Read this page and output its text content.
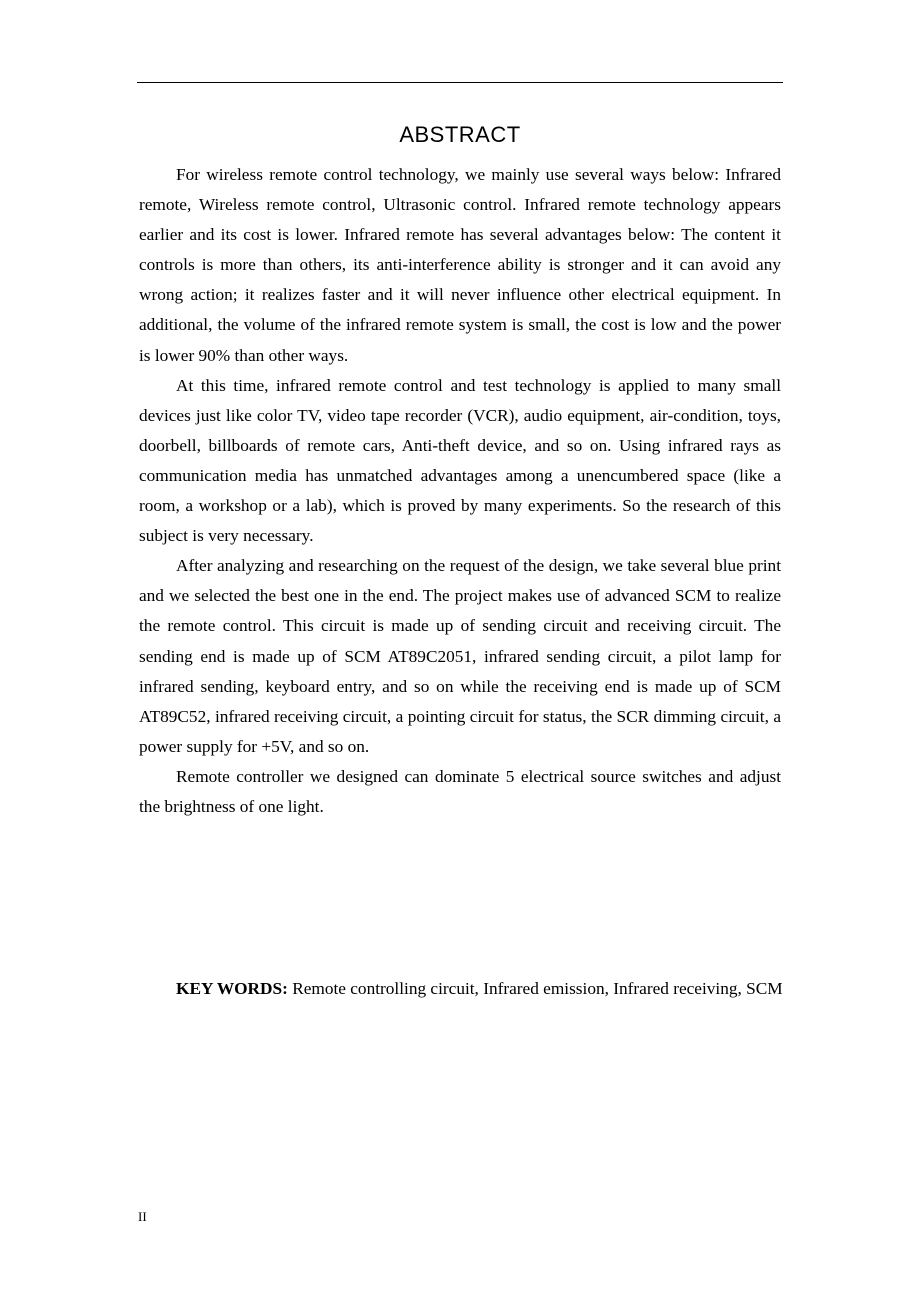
ABSTRACT

For wireless remote control technology, we mainly use several ways below: Infrared remote, Wireless remote control, Ultrasonic control. Infrared remote technology appears earlier and its cost is lower. Infrared remote has several advantages below: The content it controls is more than others, its anti-interference ability is stronger and it can avoid any wrong action; it realizes faster and it will never influence other electrical equipment. In additional, the volume of the infrared remote system is small, the cost is low and the power is lower 90% than other ways.

At this time, infrared remote control and test technology is applied to many small devices just like color TV, video tape recorder (VCR), audio equipment, air-condition, toys, doorbell, billboards of remote cars, Anti-theft device, and so on. Using infrared rays as communication media has unmatched advantages among a unencumbered space (like a room, a workshop or a lab), which is proved by many experiments. So the research of this subject is very necessary.

After analyzing and researching on the request of the design, we take several blue print and we selected the best one in the end. The project makes use of advanced SCM to realize the remote control. This circuit is made up of sending circuit and receiving circuit. The sending end is made up of SCM AT89C2051, infrared sending circuit, a pilot lamp for infrared sending, keyboard entry, and so on while the receiving end is made up of SCM AT89C52, infrared receiving circuit, a pointing circuit for status, the SCR dimming circuit, a power supply for +5V, and so on.

Remote controller we designed can dominate 5 electrical source switches and adjust the brightness of one light.

KEY WORDS: Remote controlling circuit, Infrared emission, Infrared receiving, SCM

II
